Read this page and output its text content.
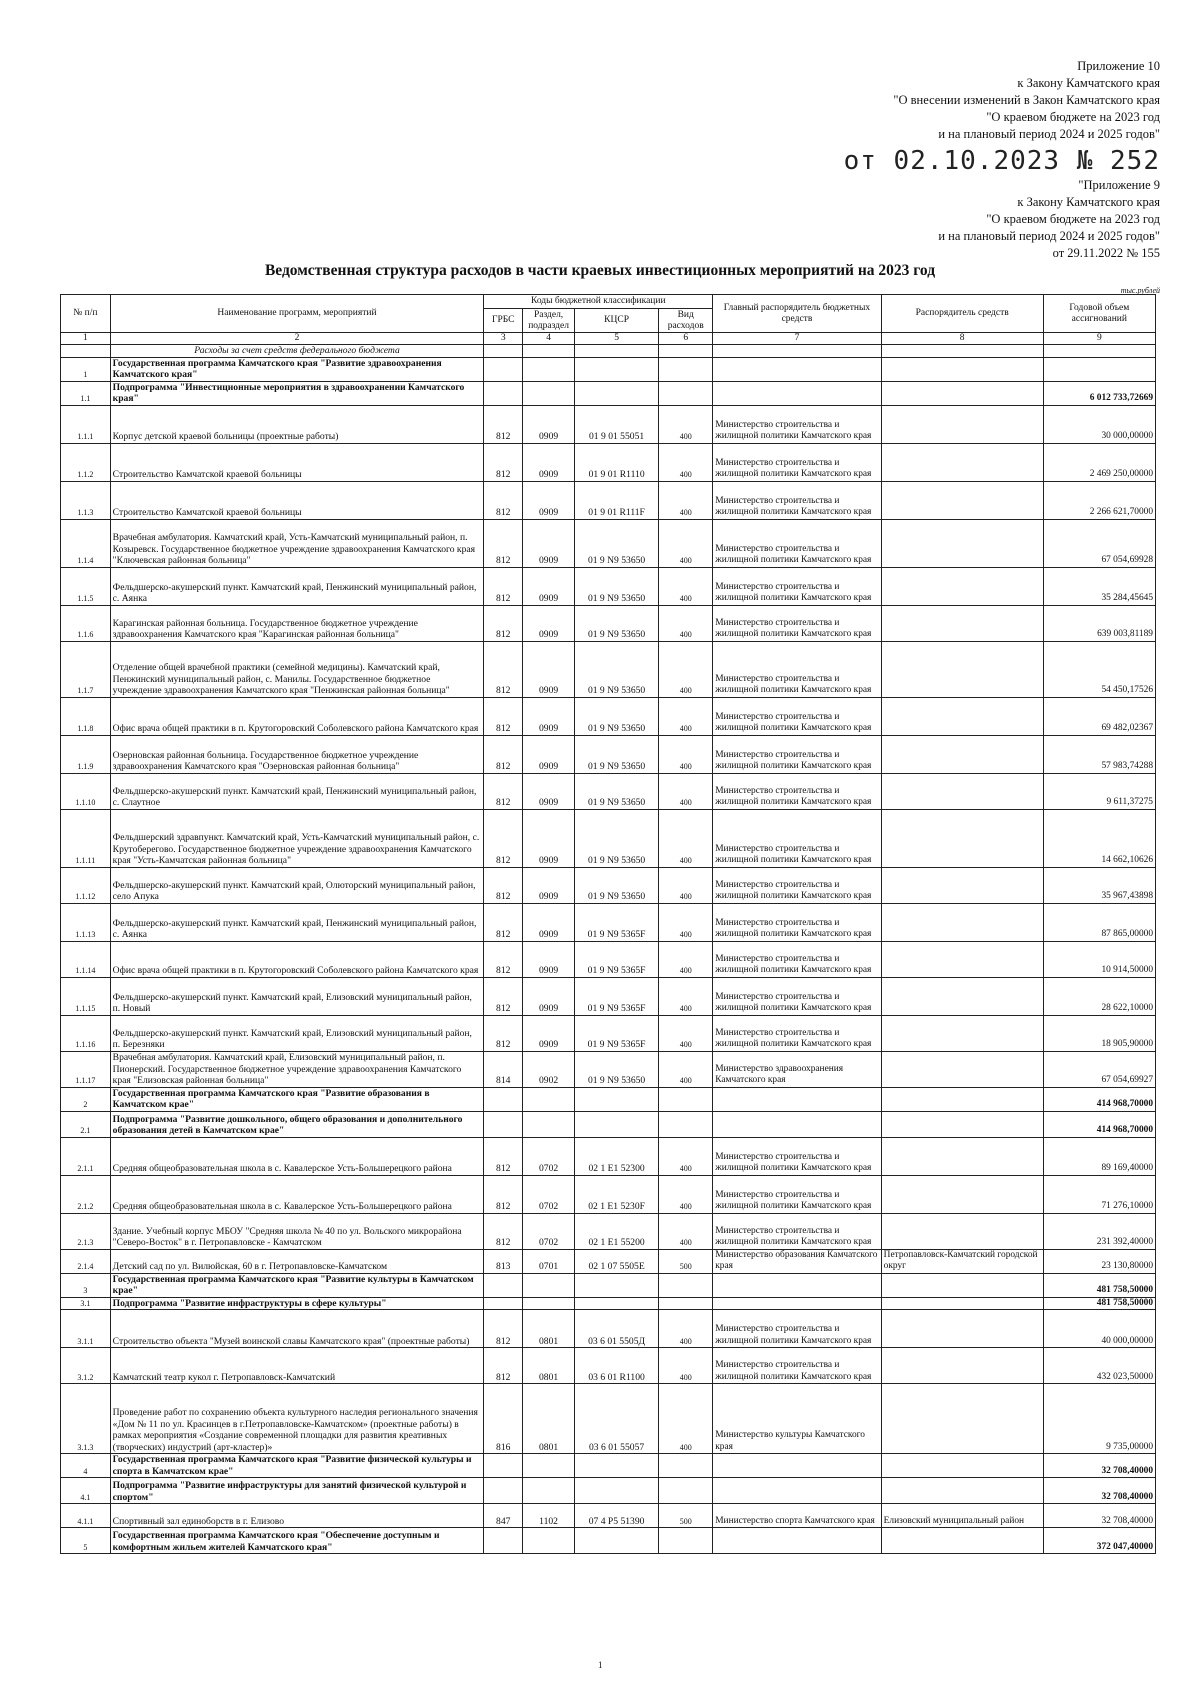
Приложение 10
к Закону Камчатского края
"О внесении изменений в Закон Камчатского края
"О краевом бюджете на 2023 год
и на плановый период 2024 и 2025 годов"
от 02.10.2023 № 252
"Приложение 9
к Закону Камчатского края
"О краевом бюджете на 2023 год
и на плановый период 2024 и 2025 годов"
от 29.11.2022 № 155
Ведомственная структура расходов в части краевых инвестиционных мероприятий на 2023 год
тыс.рублей
№ п/п	Наименование программ, мероприятий	Коды бюджетной классификации				Главный распорядитель бюджетных средств	Распорядитель средств	Годовой объем ассигнований
		ГРБС	Раздел, подраздел	КЦСР	Вид расходов			
1	2	3	4	5	6	7	8	9
	Расходы за счет средств федерального бюджета							
1	Государственная программа Камчатского края "Развитие здравоохранения Камчатского края"							
1.1	Подпрограмма "Инвестиционные мероприятия в здравоохранении Камчатского края"							6 012 733,72669
1.1.1	Корпус детской краевой больницы (проектные работы)	812	0909	01 9 01 55051	400	Министерство строительства и жилищной политики Камчатского края		30 000,00000
1.1.2	Строительство Камчатской краевой больницы	812	0909	01 9 01 R1110	400	Министерство строительства и жилищной политики Камчатского края		2 469 250,00000
1.1.3	Строительство Камчатской краевой больницы	812	0909	01 9 01 R111F	400	Министерство строительства и жилищной политики Камчатского края		2 266 621,70000
1.1.4	Врачебная амбулатория. Камчатский край, Усть-Камчатский муниципальный район, п. Козыревск. Государственное бюджетное учреждение здравоохранения Камчатского края "Ключевская районная больница"	812	0909	01 9 N9 53650	400	Министерство строительства и жилищной политики Камчатского края		67 054,69928
1.1.5	Фельдшерско-акушерский пункт. Камчатский край, Пенжинский муниципальный район, с. Аянка	812	0909	01 9 N9 53650	400	Министерство строительства и жилищной политики Камчатского края		35 284,45645
1.1.6	Карагинская районная больница. Государственное бюджетное учреждение здравоохранения Камчатского края "Карагинская районная больница"	812	0909	01 9 N9 53650	400	Министерство строительства и жилищной политики Камчатского края		639 003,81189
1.1.7	Отделение общей врачебной практики (семейной медицины). Камчатский край, Пенжинский муниципальный район, с. Манилы. Государственное бюджетное учреждение здравоохранения Камчатского края "Пенжинская районная больница"	812	0909	01 9 N9 53650	400	Министерство строительства и жилищной политики Камчатского края		54 450,17526
1.1.8	Офис врача общей практики в п. Крутогоровский Соболевского района Камчатского края	812	0909	01 9 N9 53650	400	Министерство строительства и жилищной политики Камчатского края		69 482,02367
1.1.9	Озерновская районная больница. Государственное бюджетное учреждение здравоохранения Камчатского края "Озерновская районная больница"	812	0909	01 9 N9 53650	400	Министерство строительства и жилищной политики Камчатского края		57 983,74288
1.1.10	Фельдшерско-акушерский пункт. Камчатский край, Пенжинский муниципальный район, с. Слаутное	812	0909	01 9 N9 53650	400	Министерство строительства и жилищной политики Камчатского края		9 611,37275
1.1.11	Фельдшерский здравпункт. Камчатский край, Усть-Камчатский муниципальный район, с. Крутоберегово. Государственное бюджетное учреждение здравоохранения Камчатского края "Усть-Камчатская районная больница"	812	0909	01 9 N9 53650	400	Министерство строительства и жилищной политики Камчатского края		14 662,10626
1.1.12	Фельдшерско-акушерский пункт. Камчатский край, Олюторский муниципальный район, село Апука	812	0909	01 9 N9 53650	400	Министерство строительства и жилищной политики Камчатского края		35 967,43898
1.1.13	Фельдшерско-акушерский пункт. Камчатский край, Пенжинский муниципальный район, с. Аянка	812	0909	01 9 N9 5365F	400	Министерство строительства и жилищной политики Камчатского края		87 865,00000
1.1.14	Офис врача общей практики в п. Крутогоровский Соболевского района Камчатского края	812	0909	01 9 N9 5365F	400	Министерство строительства и жилищной политики Камчатского края		10 914,50000
1.1.15	Фельдшерско-акушерский пункт. Камчатский край, Елизовский муниципальный район, п. Новый	812	0909	01 9 N9 5365F	400	Министерство строительства и жилищной политики Камчатского края		28 622,10000
1.1.16	Фельдшерско-акушерский пункт. Камчатский край, Елизовский муниципальный район, п. Березняки	812	0909	01 9 N9 5365F	400	Министерство строительства и жилищной политики Камчатского края		18 905,90000
1.1.17	Врачебная амбулатория. Камчатский край, Елизовский муниципальный район, п. Пионерский. Государственное бюджетное учреждение здравоохранения Камчатского края "Елизовская районная больница"	814	0902	01 9 N9 53650	400	Министерство здравоохранения Камчатского края		67 054,69927
2	Государственная программа Камчатского края "Развитие образования в Камчатском крае"							414 968,70000
2.1	Подпрограмма "Развитие дошкольного, общего образования и дополнительного образования детей в Камчатском крае"							414 968,70000
2.1.1	Средняя общеобразовательная школа в с. Кавалерское Усть-Большерецкого района	812	0702	02 1 E1 52300	400	Министерство строительства и жилищной политики Камчатского края		89 169,40000
2.1.2	Средняя общеобразовательная школа в с. Кавалерское Усть-Большерецкого района	812	0702	02 1 E1 5230F	400	Министерство строительства и жилищной политики Камчатского края		71 276,10000
2.1.3	Здание. Учебный корпус МБОУ "Средняя школа № 40 по ул. Вольского микрорайона "Северо-Восток" в г. Петропавловске - Камчатском	812	0702	02 1 E1 55200	400	Министерство строительства и жилищной политики Камчатского края		231 392,40000
2.1.4	Детский сад по ул. Вилюйская, 60 в г. Петропавловске-Камчатском	813	0701	02 1 07 5505Е	500	Министерство образования Камчатского края	Петропавловск-Камчатский городской округ	23 130,80000
3	Государственная программа Камчатского края "Развитие культуры в Камчатском крае"							481 758,50000
3.1	Подпрограмма "Развитие инфраструктуры в сфере культуры"							481 758,50000
3.1.1	Строительство объекта "Музей воинской славы Камчатского края" (проектные работы)	812	0801	03 6 01 5505Д	400	Министерство строительства и жилищной политики Камчатского края		40 000,00000
3.1.2	Камчатский театр кукол г. Петропавловск-Камчатский	812	0801	03 6 01 R1100	400	Министерство строительства и жилищной политики Камчатского края		432 023,50000
3.1.3	Проведение работ по сохранению объекта культурного наследия регионального значения «Дом № 11 по ул. Красинцев в г.Петропавловске-Камчатском» (проектные работы) в рамках мероприятия «Создание современной площадки для развития креативных (творческих) индустрий (арт-кластер)»	816	0801	03 6 01 55057	400	Министерство культуры Камчатского края		9 735,00000
4	Государственная программа Камчатского края "Развитие физической культуры и спорта в Камчатском крае"							32 708,40000
4.1	Подпрограмма "Развитие инфраструктуры для занятий физической культурой и спортом"							32 708,40000
4.1.1	Спортивный зал единоборств в г. Елизово	847	1102	07 4 P5 51390	500	Министерство спорта Камчатского края	Елизовский муниципальный район	32 708,40000
5	Государственная программа Камчатского края "Обеспечение доступным и комфортным жильем жителей Камчатского края"							372 047,40000
1
